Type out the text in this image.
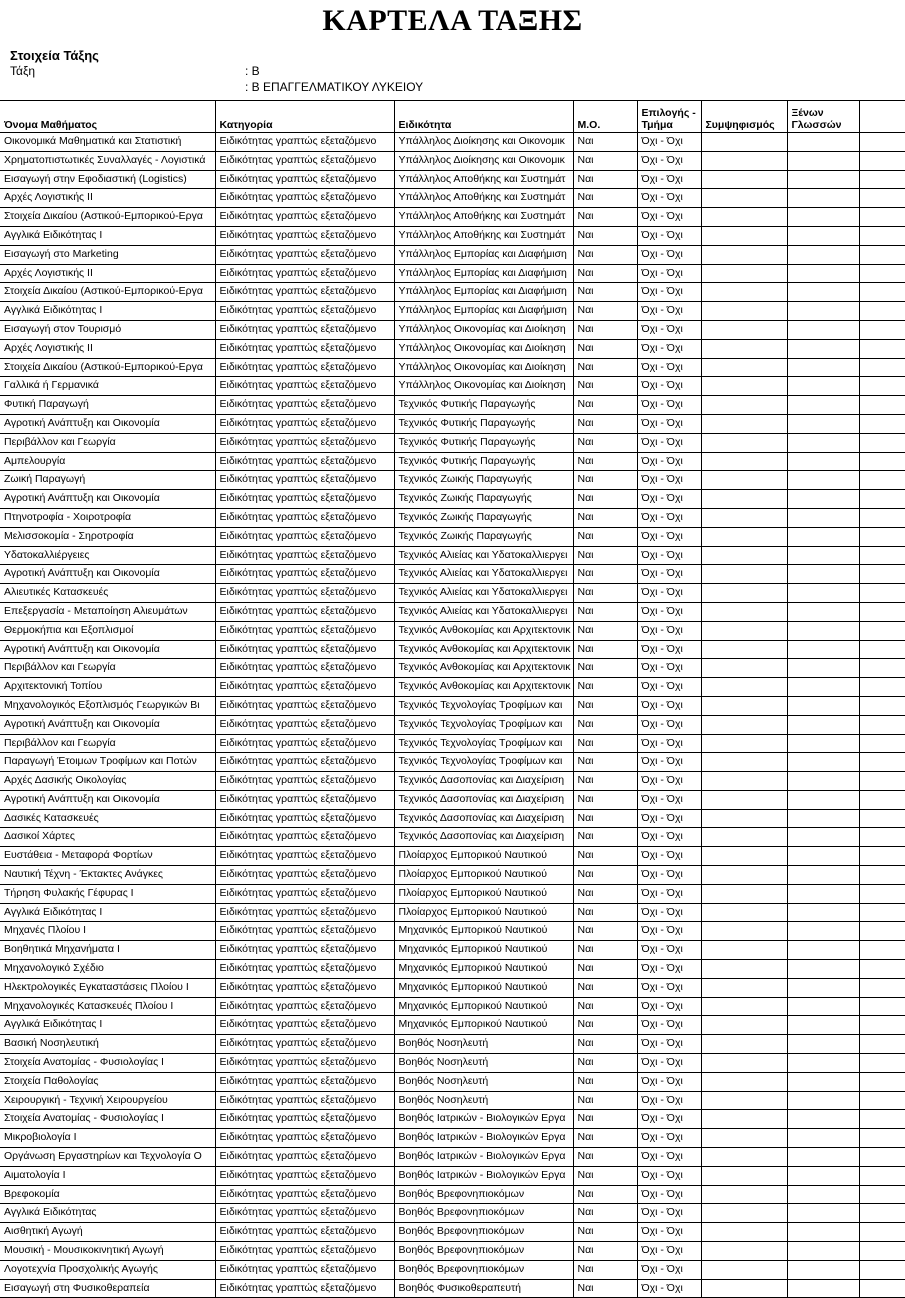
ΚΑΡΤΕΛΑ ΤΑΞΗΣ
Στοιχεία Τάξης
Τάξη	: Β
: Β ΕΠΑΓΓΕΛΜΑΤΙΚΟΥ ΛΥΚΕΙΟΥ
Όνομα Μαθήματος	Κατηγορία	Ειδικότητα	Μ.Ο.	Επιλογής - Τμήμα	Συμψηφισμός	Ξένων Γλωσσών	
Οικονομικά Μαθηματικά και Στατιστική	Ειδικότητας γραπτώς εξεταζόμενο	Υπάλληλος Διοίκησης και Οικονομικ	Ναι	Όχι - Όχι			
Χρηματοπιστωτικές Συναλλαγές - Λογιστικά	Ειδικότητας γραπτώς εξεταζόμενο	Υπάλληλος Διοίκησης και Οικονομικ	Ναι	Όχι - Όχι			
Εισαγωγή στην Εφοδιαστική (Logistics)	Ειδικότητας γραπτώς εξεταζόμενο	Υπάλληλος Αποθήκης και Συστημάτ	Ναι	Όχι - Όχι			
Αρχές Λογιστικής ΙΙ	Ειδικότητας γραπτώς εξεταζόμενο	Υπάλληλος Αποθήκης και Συστημάτ	Ναι	Όχι - Όχι			
Στοιχεία Δικαίου (Αστικού-Εμπορικού-Εργα	Ειδικότητας γραπτώς εξεταζόμενο	Υπάλληλος Αποθήκης και Συστημάτ	Ναι	Όχι - Όχι			
Αγγλικά Ειδικότητας Ι	Ειδικότητας γραπτώς εξεταζόμενο	Υπάλληλος Αποθήκης και Συστημάτ	Ναι	Όχι - Όχι			
Εισαγωγή στο Marketing	Ειδικότητας γραπτώς εξεταζόμενο	Υπάλληλος Εμπορίας και Διαφήμιση	Ναι	Όχι - Όχι			
Αρχές Λογιστικής ΙΙ	Ειδικότητας γραπτώς εξεταζόμενο	Υπάλληλος Εμπορίας και Διαφήμιση	Ναι	Όχι - Όχι			
Στοιχεία Δικαίου (Αστικού-Εμπορικού-Εργα	Ειδικότητας γραπτώς εξεταζόμενο	Υπάλληλος Εμπορίας και Διαφήμιση	Ναι	Όχι - Όχι			
Αγγλικά Ειδικότητας Ι	Ειδικότητας γραπτώς εξεταζόμενο	Υπάλληλος Εμπορίας και Διαφήμιση	Ναι	Όχι - Όχι			
Εισαγωγή στον Τουρισμό	Ειδικότητας γραπτώς εξεταζόμενο	Υπάλληλος Οικονομίας και Διοίκηση	Ναι	Όχι - Όχι			
Αρχές Λογιστικής ΙΙ	Ειδικότητας γραπτώς εξεταζόμενο	Υπάλληλος Οικονομίας και Διοίκηση	Ναι	Όχι - Όχι			
Στοιχεία Δικαίου (Αστικού-Εμπορικού-Εργα	Ειδικότητας γραπτώς εξεταζόμενο	Υπάλληλος Οικονομίας και Διοίκηση	Ναι	Όχι - Όχι			
Γαλλικά ή Γερμανικά	Ειδικότητας γραπτώς εξεταζόμενο	Υπάλληλος Οικονομίας και Διοίκηση	Ναι	Όχι - Όχι			
Φυτική Παραγωγή	Ειδικότητας γραπτώς εξεταζόμενο	Τεχνικός Φυτικής Παραγωγής	Ναι	Όχι - Όχι			
Αγροτική Ανάπτυξη και Οικονομία	Ειδικότητας γραπτώς εξεταζόμενο	Τεχνικός Φυτικής Παραγωγής	Ναι	Όχι - Όχι			
Περιβάλλον και Γεωργία	Ειδικότητας γραπτώς εξεταζόμενο	Τεχνικός Φυτικής Παραγωγής	Ναι	Όχι - Όχι			
Αμπελουργία	Ειδικότητας γραπτώς εξεταζόμενο	Τεχνικός Φυτικής Παραγωγής	Ναι	Όχι - Όχι			
Ζωική Παραγωγή	Ειδικότητας γραπτώς εξεταζόμενο	Τεχνικός Ζωικής Παραγωγής	Ναι	Όχι - Όχι			
Αγροτική Ανάπτυξη και Οικονομία	Ειδικότητας γραπτώς εξεταζόμενο	Τεχνικός Ζωικής Παραγωγής	Ναι	Όχι - Όχι			
Πτηνοτροφία - Χοιροτροφία	Ειδικότητας γραπτώς εξεταζόμενο	Τεχνικός Ζωικής Παραγωγής	Ναι	Όχι - Όχι			
Μελισσοκομία - Σηροτροφία	Ειδικότητας γραπτώς εξεταζόμενο	Τεχνικός Ζωικής Παραγωγής	Ναι	Όχι - Όχι			
Υδατοκαλλιέργειες	Ειδικότητας γραπτώς εξεταζόμενο	Τεχνικός Αλιείας και Υδατοκαλλιεργει	Ναι	Όχι - Όχι			
Αγροτική Ανάπτυξη και Οικονομία	Ειδικότητας γραπτώς εξεταζόμενο	Τεχνικός Αλιείας και Υδατοκαλλιεργει	Ναι	Όχι - Όχι			
Αλιευτικές Κατασκευές	Ειδικότητας γραπτώς εξεταζόμενο	Τεχνικός Αλιείας και Υδατοκαλλιεργει	Ναι	Όχι - Όχι			
Επεξεργασία - Μεταποίηση Αλιευμάτων	Ειδικότητας γραπτώς εξεταζόμενο	Τεχνικός Αλιείας και Υδατοκαλλιεργει	Ναι	Όχι - Όχι			
Θερμοκήπια και Εξοπλισμοί	Ειδικότητας γραπτώς εξεταζόμενο	Τεχνικός Ανθοκομίας και Αρχιτεκτονικ	Ναι	Όχι - Όχι			
Αγροτική Ανάπτυξη και Οικονομία	Ειδικότητας γραπτώς εξεταζόμενο	Τεχνικός Ανθοκομίας και Αρχιτεκτονικ	Ναι	Όχι - Όχι			
Περιβάλλον και Γεωργία	Ειδικότητας γραπτώς εξεταζόμενο	Τεχνικός Ανθοκομίας και Αρχιτεκτονικ	Ναι	Όχι - Όχι			
Αρχιτεκτονική Τοπίου	Ειδικότητας γραπτώς εξεταζόμενο	Τεχνικός Ανθοκομίας και Αρχιτεκτονικ	Ναι	Όχι - Όχι			
Μηχανολογικός Εξοπλισμός Γεωργικών Βι	Ειδικότητας γραπτώς εξεταζόμενο	Τεχνικός Τεχνολογίας Τροφίμων και	Ναι	Όχι - Όχι			
Αγροτική Ανάπτυξη και Οικονομία	Ειδικότητας γραπτώς εξεταζόμενο	Τεχνικός Τεχνολογίας Τροφίμων και	Ναι	Όχι - Όχι			
Περιβάλλον και Γεωργία	Ειδικότητας γραπτώς εξεταζόμενο	Τεχνικός Τεχνολογίας Τροφίμων και	Ναι	Όχι - Όχι			
Παραγωγή Έτοιμων Τροφίμων και Ποτών	Ειδικότητας γραπτώς εξεταζόμενο	Τεχνικός Τεχνολογίας Τροφίμων και	Ναι	Όχι - Όχι			
Αρχές Δασικής Οικολογίας	Ειδικότητας γραπτώς εξεταζόμενο	Τεχνικός Δασοπονίας και Διαχείριση	Ναι	Όχι - Όχι			
Αγροτική Ανάπτυξη και Οικονομία	Ειδικότητας γραπτώς εξεταζόμενο	Τεχνικός Δασοπονίας και Διαχείριση	Ναι	Όχι - Όχι			
Δασικές Κατασκευές	Ειδικότητας γραπτώς εξεταζόμενο	Τεχνικός Δασοπονίας και Διαχείριση	Ναι	Όχι - Όχι			
Δασικοί Χάρτες	Ειδικότητας γραπτώς εξεταζόμενο	Τεχνικός Δασοπονίας και Διαχείριση	Ναι	Όχι - Όχι			
Ευστάθεια - Μεταφορά Φορτίων	Ειδικότητας γραπτώς εξεταζόμενο	Πλοίαρχος Εμπορικού Ναυτικού	Ναι	Όχι - Όχι			
Ναυτική Τέχνη - Έκτακτες Ανάγκες	Ειδικότητας γραπτώς εξεταζόμενο	Πλοίαρχος Εμπορικού Ναυτικού	Ναι	Όχι - Όχι			
Τήρηση Φυλακής Γέφυρας Ι	Ειδικότητας γραπτώς εξεταζόμενο	Πλοίαρχος Εμπορικού Ναυτικού	Ναι	Όχι - Όχι			
Αγγλικά Ειδικότητας Ι	Ειδικότητας γραπτώς εξεταζόμενο	Πλοίαρχος Εμπορικού Ναυτικού	Ναι	Όχι - Όχι			
Μηχανές Πλοίου Ι	Ειδικότητας γραπτώς εξεταζόμενο	Μηχανικός Εμπορικού Ναυτικού	Ναι	Όχι - Όχι			
Βοηθητικά Μηχανήματα Ι	Ειδικότητας γραπτώς εξεταζόμενο	Μηχανικός Εμπορικού Ναυτικού	Ναι	Όχι - Όχι			
Μηχανολογικό Σχέδιο	Ειδικότητας γραπτώς εξεταζόμενο	Μηχανικός Εμπορικού Ναυτικού	Ναι	Όχι - Όχι			
Ηλεκτρολογικές Εγκαταστάσεις Πλοίου Ι	Ειδικότητας γραπτώς εξεταζόμενο	Μηχανικός Εμπορικού Ναυτικού	Ναι	Όχι - Όχι			
Μηχανολογικές Κατασκευές Πλοίου Ι	Ειδικότητας γραπτώς εξεταζόμενο	Μηχανικός Εμπορικού Ναυτικού	Ναι	Όχι - Όχι			
Αγγλικά Ειδικότητας Ι	Ειδικότητας γραπτώς εξεταζόμενο	Μηχανικός Εμπορικού Ναυτικού	Ναι	Όχι - Όχι			
Βασική Νοσηλευτική	Ειδικότητας γραπτώς εξεταζόμενο	Βοηθός Νοσηλευτή	Ναι	Όχι - Όχι			
Στοιχεία Ανατομίας - Φυσιολογίας Ι	Ειδικότητας γραπτώς εξεταζόμενο	Βοηθός Νοσηλευτή	Ναι	Όχι - Όχι			
Στοιχεία Παθολογίας	Ειδικότητας γραπτώς εξεταζόμενο	Βοηθός Νοσηλευτή	Ναι	Όχι - Όχι			
Χειρουργική - Τεχνική Χειρουργείου	Ειδικότητας γραπτώς εξεταζόμενο	Βοηθός Νοσηλευτή	Ναι	Όχι - Όχι			
Στοιχεία Ανατομίας - Φυσιολογίας Ι	Ειδικότητας γραπτώς εξεταζόμενο	Βοηθός Ιατρικών - Βιολογικών Εργα	Ναι	Όχι - Όχι			
Μικροβιολογία Ι	Ειδικότητας γραπτώς εξεταζόμενο	Βοηθός Ιατρικών - Βιολογικών Εργα	Ναι	Όχι - Όχι			
Οργάνωση Εργαστηρίων και Τεχνολογία Ο	Ειδικότητας γραπτώς εξεταζόμενο	Βοηθός Ιατρικών - Βιολογικών Εργα	Ναι	Όχι - Όχι			
Αιματολογία Ι	Ειδικότητας γραπτώς εξεταζόμενο	Βοηθός Ιατρικών - Βιολογικών Εργα	Ναι	Όχι - Όχι			
Βρεφοκομία	Ειδικότητας γραπτώς εξεταζόμενο	Βοηθός Βρεφονηπιοκόμων	Ναι	Όχι - Όχι			
Αγγλικά Ειδικότητας	Ειδικότητας γραπτώς εξεταζόμενο	Βοηθός Βρεφονηπιοκόμων	Ναι	Όχι - Όχι			
Αισθητική Αγωγή	Ειδικότητας γραπτώς εξεταζόμενο	Βοηθός Βρεφονηπιοκόμων	Ναι	Όχι - Όχι			
Μουσική - Μουσικοκινητική Αγωγή	Ειδικότητας γραπτώς εξεταζόμενο	Βοηθός Βρεφονηπιοκόμων	Ναι	Όχι - Όχι			
Λογοτεχνία Προσχολικής Αγωγής	Ειδικότητας γραπτώς εξεταζόμενο	Βοηθός Βρεφονηπιοκόμων	Ναι	Όχι - Όχι			
Εισαγωγή στη Φυσικοθεραπεία	Ειδικότητας γραπτώς εξεταζόμενο	Βοηθός Φυσικοθεραπευτή	Ναι	Όχι - Όχι			
